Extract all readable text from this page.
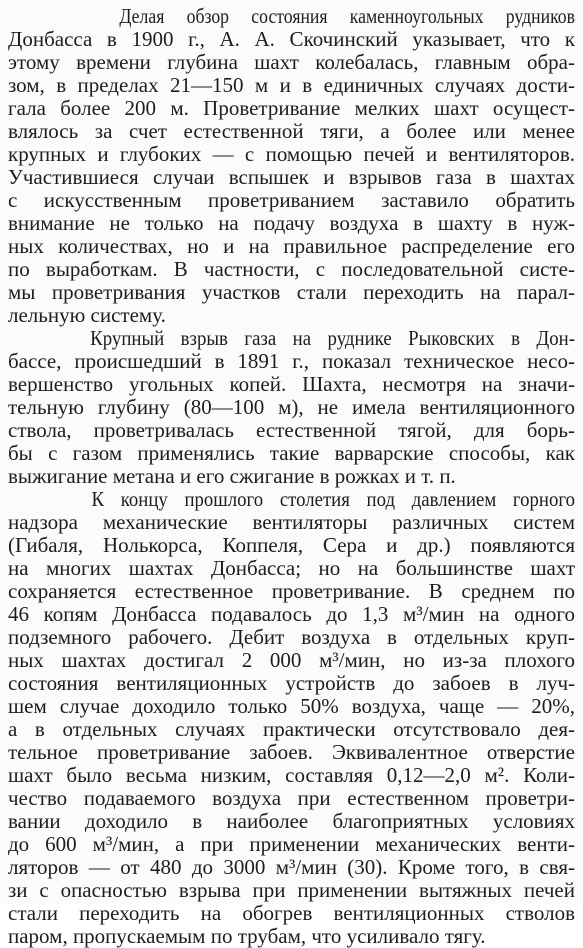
Делая обзор состояния каменноугольных рудников
Донбасса в 1900 г., А. А. Скочинский указывает, что к
этому времени глубина шахт колебалась, главным обра-
зом, в пределах 21—150 м и в единичных случаях дости-
гала более 200 м. Проветривание мелких шахт осущест-
влялось за счет естественной тяги, а более или менее
крупных и глубоких — с помощью печей и вентиляторов.
Участившиеся случаи вспышек и взрывов газа в шахтах
с искусственным проветриванием заставило обратить
внимание не только на подачу воздуха в шахту в нуж-
ных количествах, но и на правильное распределение его
по выработкам. В частности, с последовательной систе-
мы проветривания участков стали переходить на парал-
лельную систему.
Крупный взрыв газа на руднике Рыковских в Дон-
бассе, происшедший в 1891 г., показал техническое несо-
вершенство угольных копей. Шахта, несмотря на значи-
тельную глубину (80—100 м), не имела вентиляционного
ствола, проветривалась естественной тягой, для борь-
бы с газом применялись такие варварские способы, как
выжигание метана и его сжигание в рожках и т. п.
К концу прошлого столетия под давлением горного
надзора механические вентиляторы различных систем
(Гибаля, Нолькорса, Коппеля, Сера и др.) появляются
на многих шахтах Донбасса; но на большинстве шахт
сохраняется естественное проветривание. В среднем по
46 копям Донбасса подавалось до 1,3 м³/мин на одного
подземного рабочего. Дебит воздуха в отдельных круп-
ных шахтах достигал 2 000 м³/мин, но из-за плохого
состояния вентиляционных устройств до забоев в луч-
шем случае доходило только 50% воздуха, чаще — 20%,
а в отдельных случаях практически отсутствовало дея-
тельное проветривание забоев. Эквивалентное отверстие
шахт было весьма низким, составляя 0,12—2,0 м². Коли-
чество подаваемого воздуха при естественном проветри-
вании доходило в наиболее благоприятных условиях
до 600 м³/мин, а при применении механических венти-
ляторов — от 480 до 3000 м³/мин (30). Кроме того, в свя-
зи с опасностью взрыва при применении вытяжных печей
стали переходить на обогрев вентиляционных стволов
паром, пропускаемым по трубам, что усиливало тягу.
